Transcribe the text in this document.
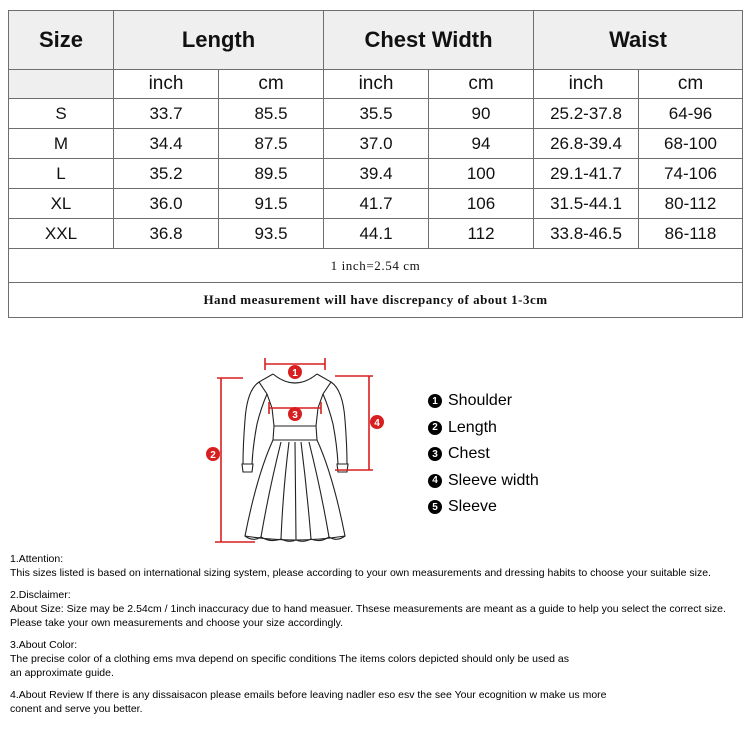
Size	Length		Chest Width		Waist	
	inch	cm	inch	cm	inch	cm
S	33.7	85.5	35.5	90	25.2-37.8	64-96
M	34.4	87.5	37.0	94	26.8-39.4	68-100
L	35.2	89.5	39.4	100	29.1-41.7	74-106
XL	36.0	91.5	41.7	106	31.5-44.1	80-112
XXL	36.8	93.5	44.1	112	33.8-46.5	86-118
1 inch=2.54 cm						
Hand measurement will have discrepancy of about 1-3cm						
1
2
3
4
1 Shoulder
2 Length
3 Chest
4 Sleeve width
5 Sleeve

1.Attention:

This sizes listed is based on international sizing system, please according to your own measurements and dressing habits to choose your suitable size.

2.Disclaimer:

About Size: Size may be 2.54cm / 1inch inaccuracy due to hand measuer. Thsese measurements are meant as a guide to help you select the correct size.

Please take your own measurements and choose your size accordingly.

3.About Color:

The precise color of a clothing ems mva depend on specific conditions The items colors depicted should only be used as

an approximate guide.

4.About Review If there is any dissaisacon please emails before leaving nadler eso esv the see Your ecognition w make us more

conent and serve you better.
